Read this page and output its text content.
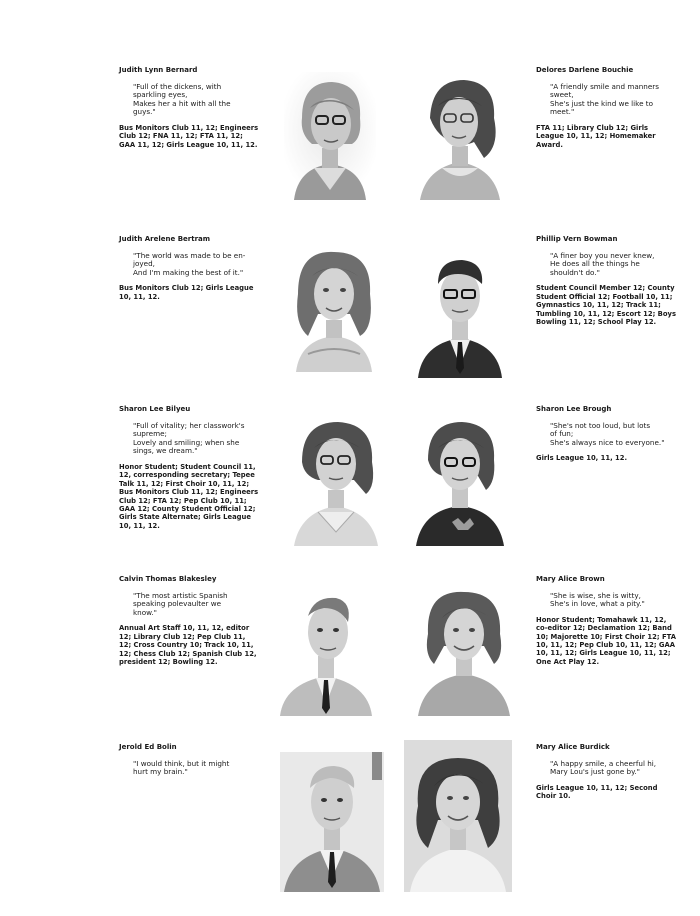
Judith Lynn Bernard
"Full of the dickens, with
sparkling eyes,
Makes her a hit with all the
guys."
Bus Monitors Club 11, 12; Engineers Club 12; FNA 11, 12; FTA 11, 12; GAA 11, 12; Girls League 10, 11, 12.
Delores Darlene Bouchie
"A friendly smile and manners
sweet,
She's just the kind we like to
meet."
FTA 11; Library Club 12; Girls League 10, 11, 12; Homemaker Award.
Judith Arelene Bertram
"The world was made to be en-
joyed,
And I'm making the best of it."
Bus Monitors Club 12; Girls League 10, 11, 12.
Phillip Vern Bowman
"A finer boy you never knew,
He does all the things he
shouldn't do."
Student Council Member 12; County Student Official 12; Football 10, 11; Gymnastics 10, 11, 12; Track 11; Tumbling 10, 11, 12; Escort 12; Boys Bowling 11, 12; School Play 12.
Sharon Lee Bilyeu
"Full of vitality; her classwork's
supreme;
Lovely and smiling; when she
sings, we dream."
Honor Student; Student Council 11, 12, corresponding secretary; Tepee Talk 11, 12; First Choir 10, 11, 12; Bus Monitors Club 11, 12; Engineers Club 12; FTA 12; Pep Club 10, 11; GAA 12; County Student Official 12; Girls State Alternate; Girls League 10, 11, 12.
Sharon Lee Brough
"She's not too loud, but lots
of fun;
She's always nice to everyone."
Girls League 10, 11, 12.
Calvin Thomas Blakesley
"The most artistic Spanish
speaking polevaulter we
know."
Annual Art Staff 10, 11, 12, editor 12; Library Club 12; Pep Club 11, 12; Cross Country 10; Track 10, 11, 12; Chess Club 12; Spanish Club 12, president 12; Bowling 12.
Mary Alice Brown
"She is wise, she is witty,
She's in love, what a pity."
Honor Student; Tomahawk 11, 12, co-editor 12; Declamation 12; Band 10; Majorette 10; First Choir 12; FTA 10, 11, 12; Pep Club 10, 11, 12; GAA 10, 11, 12; Girls League 10, 11, 12; One Act Play 12.
Jerold Ed Bolin
"I would think, but it might
hurt my brain."
Mary Alice Burdick
"A happy smile, a cheerful hi,
Mary Lou's just gone by."
Girls League 10, 11, 12; Second Choir 10.
